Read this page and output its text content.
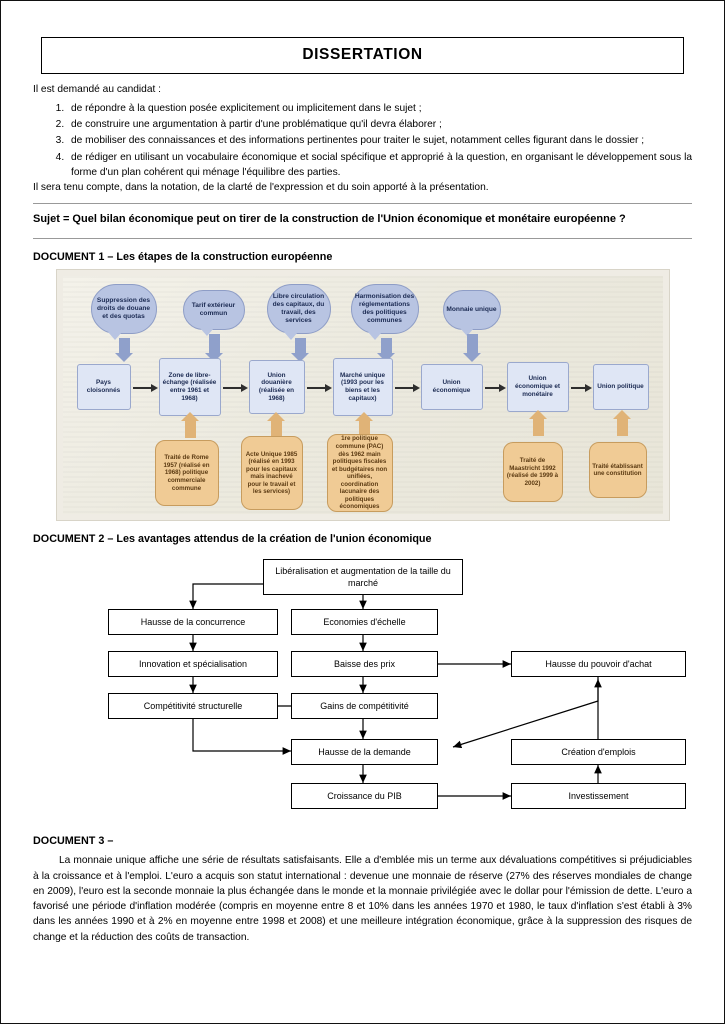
DISSERTATION
Il est demandé au candidat :
1. de répondre à la question posée explicitement ou implicitement dans le sujet ;
2. de construire une argumentation à partir d'une problématique qu'il devra élaborer ;
3. de mobiliser des connaissances et des informations pertinentes pour traiter le sujet, notamment celles figurant dans le dossier ;
4. de rédiger en utilisant un vocabulaire économique et social spécifique et approprié à la question, en organisant le développement sous la forme d'un plan cohérent qui ménage l'équilibre des parties.
Il sera tenu compte, dans la notation, de la clarté de l'expression et du soin apporté à la présentation.
Sujet = Quel bilan économique peut on tirer de la construction de l'Union économique et monétaire européenne ?
DOCUMENT 1 – Les étapes de la construction européenne
Suppression des droits de douane et des quotas
Tarif extérieur commun
Libre circulation des capitaux, du travail, des services
Harmonisation des réglementations des politiques communes
Monnaie unique
Pays cloisonnés
Zone de libre-échange (réalisée entre 1961 et 1968)
Union douanière (réalisée en 1968)
Marché unique (1993 pour les biens et les capitaux)
Union économique
Union économique et monétaire
Union politique
Traité de Rome 1957 (réalisé en 1968) politique commerciale commune
Acte Unique 1985 (réalisé en 1993 pour les capitaux mais inachevé pour le travail et les services)
1re politique commune (PAC) dès 1962 main politiques fiscales et budgétaires non unifiées, coordination lacunaire des politiques économiques
Traité de Maastricht 1992 (réalisé de 1999 à 2002)
Traité établissant une constitution
DOCUMENT 2 – Les avantages attendus de la création de l'union économique
Libéralisation et augmentation de la taille du marché
Hausse de la concurrence	Economies d'échelle
Innovation et spécialisation	Baisse des prix	Hausse du pouvoir d'achat
Compétitivité structurelle	Gains de compétitivité
Hausse de la demande	Création d'emplois
Croissance du PIB	Investissement
DOCUMENT 3 –
La monnaie unique affiche une série de résultats satisfaisants. Elle a d'emblée mis un terme aux dévaluations compétitives si préjudiciables à la croissance et à l'emploi. L'euro a acquis son statut international : devenue une monnaie de réserve (27% des réserves mondiales de change en 2009), l'euro est la seconde monnaie la plus échangée dans le monde et la monnaie privilégiée avec le dollar pour l'émission de dette. L'euro a favorisé une période d'inflation modérée (compris en moyenne entre 8 et 10% dans les années 1970 et 1980, le taux d'inflation s'est établi à 3% dans les années 1990 et à 2% en moyenne entre 1998 et 2008) et une meilleure intégration économique, grâce à la suppression des risques de change et la réduction des coûts de transaction.
